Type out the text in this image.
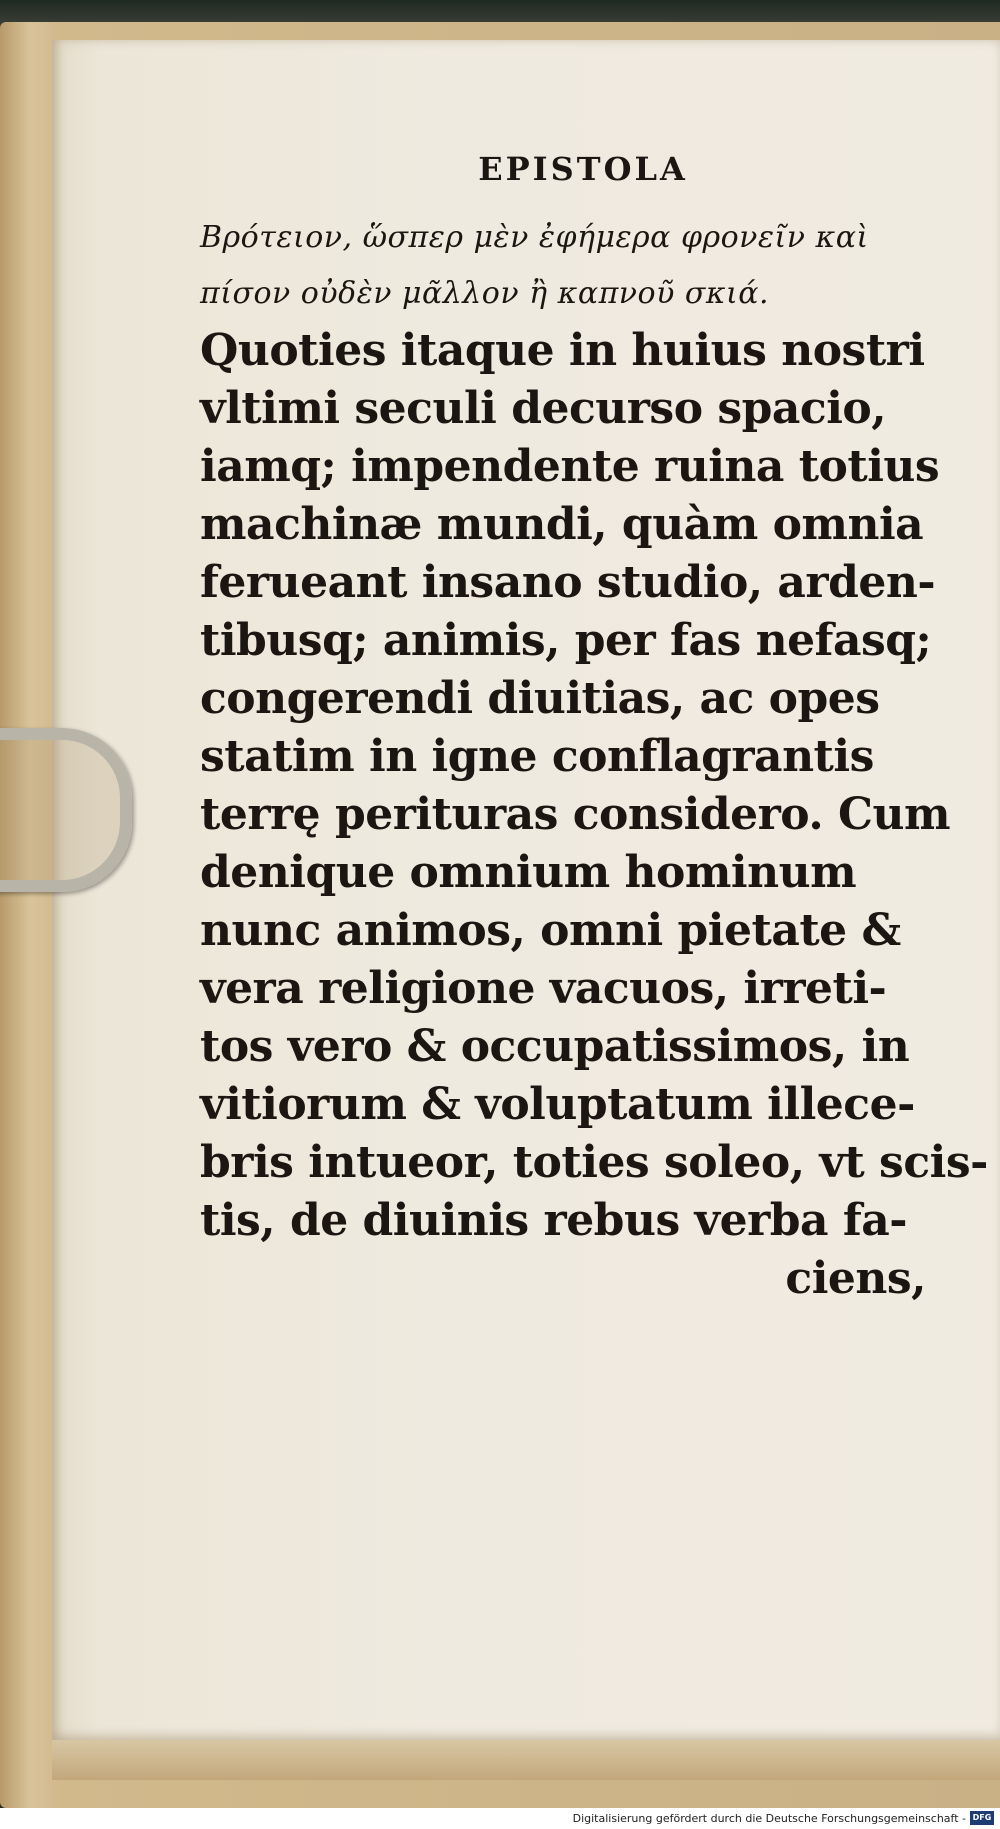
EPISTOLA
Βρότειον, ὥσπερ μὲν ἐφήμερα φρονεῖν καὶ
πίσον οὐδὲν μᾶλλον ἢ καπνοῦ σκιά.
Quoties itaque in huius nostri
vltimi seculi decurso spacio,
iamq; impendente ruina totius
machinæ mundi, quàm omnia
ferueant insano studio, arden-
tibusq; animis, per fas nefasq;
congerendi diuitias, ac opes
statim in igne conflagrantis
terrę perituras considero. Cum
denique omnium hominum
nunc animos, omni pietate &
vera religione vacuos, irreti-
tos vero & occupatissimos, in
vitiorum & voluptatum illece-
bris intueor, toties soleo, vt scis-
tis, de diuinis rebus verba fa-
ciens,
Digitalisierung gefördert durch die Deutsche Forschungsgemeinschaft - DFG
